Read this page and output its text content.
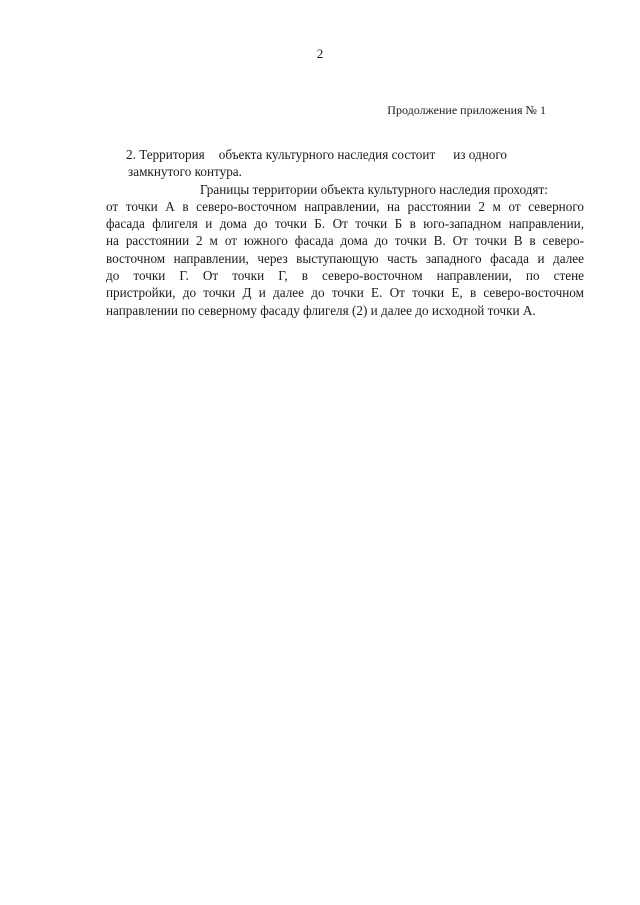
2
Продолжение приложения № 1
2. Территория объекта культурного наследия состоит из одного
замкнутого контура.
Границы территории объекта культурного наследия проходят:
от точки А в северо-восточном направлении, на расстоянии 2 м от северного
фасада флигеля и дома до точки Б. От точки Б в юго-западном направлении,
на расстоянии 2 м от южного фасада дома до точки В. От точки В в северо-
восточном направлении, через выступающую часть западного фасада и далее
до точки Г. От точки Г, в северо-восточном направлении, по стене
пристройки, до точки Д и далее до точки Е. От точки Е, в северо-восточном
направлении по северному фасаду флигеля (2) и далее до исходной точки А.
